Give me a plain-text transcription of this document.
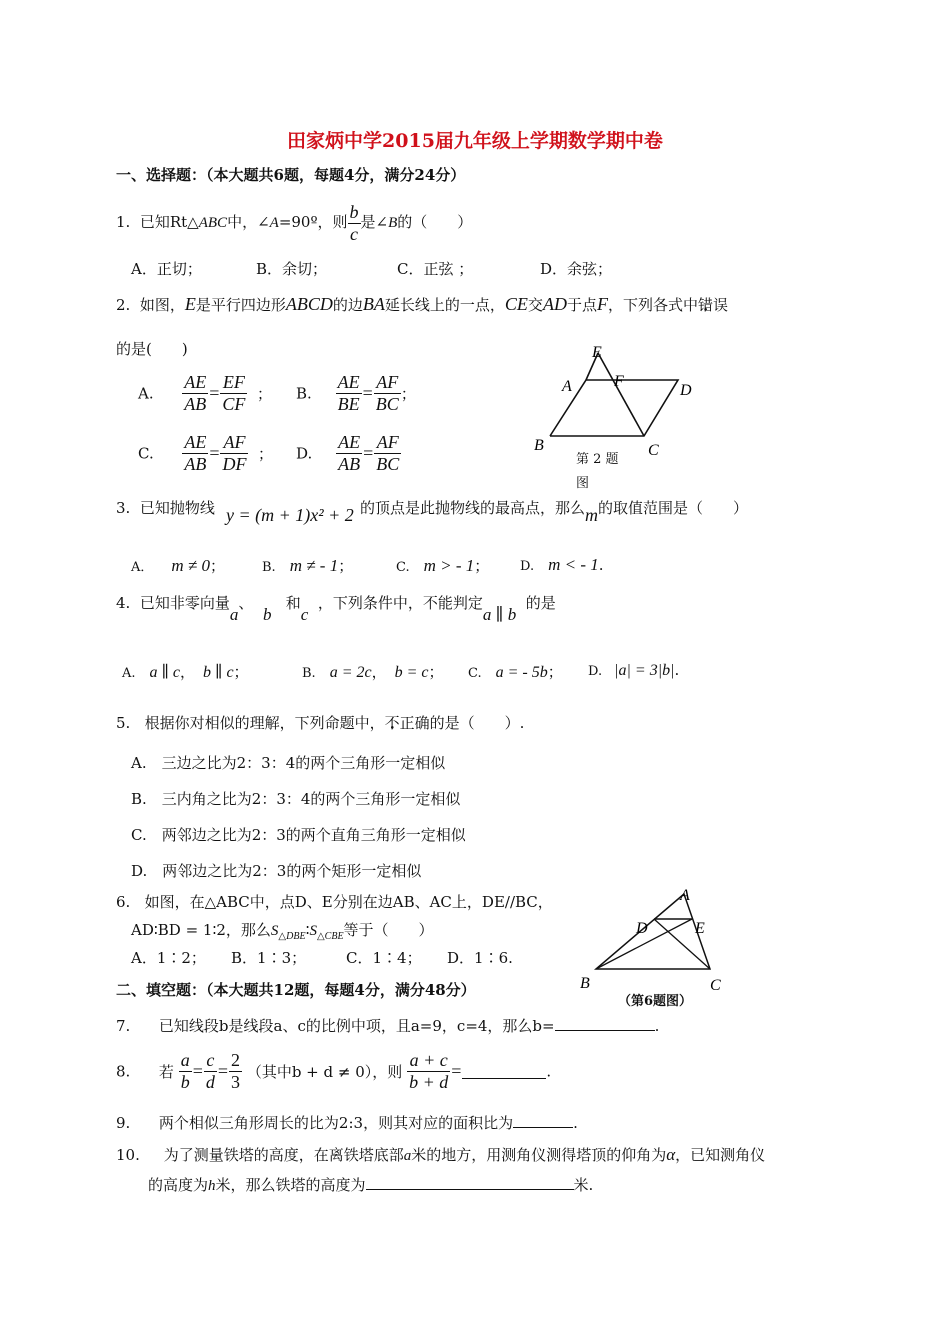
田家炳中学2015届九年级上学期数学期中卷
一、选择题：（本大题共6题，每题4分，满分24分）
1. 已知Rt△ABC中，∠A=90º，则 $\frac{b}{c}$ 是∠B的（　　）
A．正切；	B．余切；	C．正弦 ；	D．余弦；
2. 如图，E是平行四边形ABCD的边BA延长线上的一点，CE交AD于点F，下列各式中错误
的是(　　)
A. $\frac{AE}{AB} = \frac{EF}{CF}$ ； B. $\frac{AE}{BE} = \frac{AF}{BC}$ ；
C. $\frac{AE}{AB} = \frac{AF}{DF}$ ； D. $\frac{AE}{AB} = \frac{AF}{BC}$
E
A	F
D
B	C
第 2 题
图
3. 已知抛物线 y = (m + 1)x² + 2 的顶点是此抛物线的最高点，那么m的取值范围是（　　）
A． m ≠ 0；	B. m ≠ - 1；	C. m > - 1； D. m < - 1.
4. 已知非零向量a、  b   和c  ，下列条件中，不能判定a ∥ b  的是
A. a ∥ c， b ∥ c；	B. a = 2c， b = c； C. a = - 5b； D. |a| = 3|b|.
5. 根据你对相似的理解，下列命题中，不正确的是（　　）.
A.　三边之比为2：3：4的两个三角形一定相似
B.　三内角之比为2：3：4的两个三角形一定相似
C.　两邻边之比为2：3的两个直角三角形一定相似
D.　两邻边之比为2：3的两个矩形一定相似
6. 如图，在△ABC中，点D、E分别在边AB、AC上，DE//BC，
AD∶BD = 1∶2，那么$S_{\triangle DBE}∶S_{\triangle CBE}$等于（　　）
A．1∶2； B．1∶3；	C．1∶4； D．1∶6.
A
D	E
B	C
（第6题图）
二、填空题：（本大题共12题，每题4分，满分48分）
7. 已知线段b是线段a、c的比例中项，且a=9，c=4，那么b=	.
8. 若 $\frac{a}{b} = \frac{c}{d} = \frac{2}{3}$ （其中b + d ≠ 0），则 $\frac{a + c}{b + d}$ =	.
9. 两个相似三角形周长的比为2:3，则其对应的面积比为	.
10. 为了测量铁塔的高度，在离铁塔底部a米的地方，用测角仪测得塔顶的仰角为α，已知测角仪
的高度为h米，那么铁塔的高度为	米.
